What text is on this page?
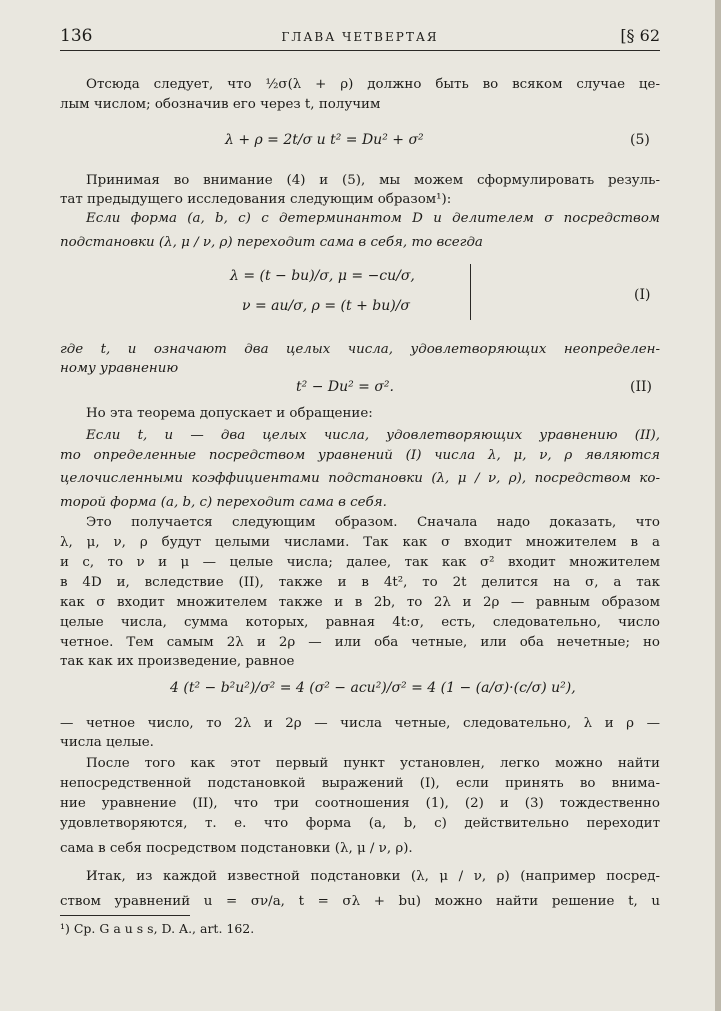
136	ГЛАВА ЧЕТВЕРТАЯ	[§ 62
Отсюда следует, что ½σ(λ + ρ) должно быть во всяком случае це-
лым числом; обозначив его через t, получим
λ + ρ = 2t/σ и t² = Du² + σ²	(5)
Принимая во внимание (4) и (5), мы можем сформулировать резуль-
тат предыдущего исследования следующим образом¹):
Если форма (a, b, c) с детерминантом D и делителем σ посредством
подстановки (λ, μ / ν, ρ) переходит сама в себя, то всегда
λ = (t − bu)/σ, μ = −cu/σ,
ν = au/σ, ρ = (t + bu)/σ
(I)
где t, u означают два целых числа, удовлетворяющих неопределен-
ному уравнению
t² − Du² = σ².	(II)
Но эта теорема допускает и обращение:
Если t, u — два целых числа, удовлетворяющих уравнению (II),
то определенные посредством уравнений (I) числа λ, μ, ν, ρ являются
целочисленными коэффициентами подстановки (λ, μ / ν, ρ), посредством ко-
торой форма (a, b, c) переходит сама в себя.
Это получается следующим образом. Сначала надо доказать, что
λ, μ, ν, ρ будут целыми числами. Так как σ входит множителем в a
и c, то ν и μ — целые числа; далее, так как σ² входит множителем
в 4D и, вследствие (II), также и в 4t², то 2t делится на σ, а так
как σ входит множителем также и в 2b, то 2λ и 2ρ — равным образом
целые числа, сумма которых, равная 4t:σ, есть, следовательно, число
четное. Тем самым 2λ и 2ρ — или оба четные, или оба нечетные; но
так как их произведение, равное
4 (t² − b²u²)/σ² = 4 (σ² − acu²)/σ² = 4 (1 − (a/σ)·(c/σ) u²),
— четное число, то 2λ и 2ρ — числа четные, следовательно, λ и ρ —
числа целые.
После того как этот первый пункт установлен, легко можно найти
непосредственной подстановкой выражений (I), если принять во внима-
ние уравнение (II), что три соотношения (1), (2) и (3) тождественно
удовлетворяются, т. е. что форма (a, b, c) действительно переходит
сама в себя посредством подстановки (λ, μ / ν, ρ).
Итак, из каждой известной подстановки (λ, μ / ν, ρ) (например посред-
ством уравнений u = σν/a, t = σλ + bu) можно найти решение t, u
¹) Cp. G a u s s, D. A., art. 162.
